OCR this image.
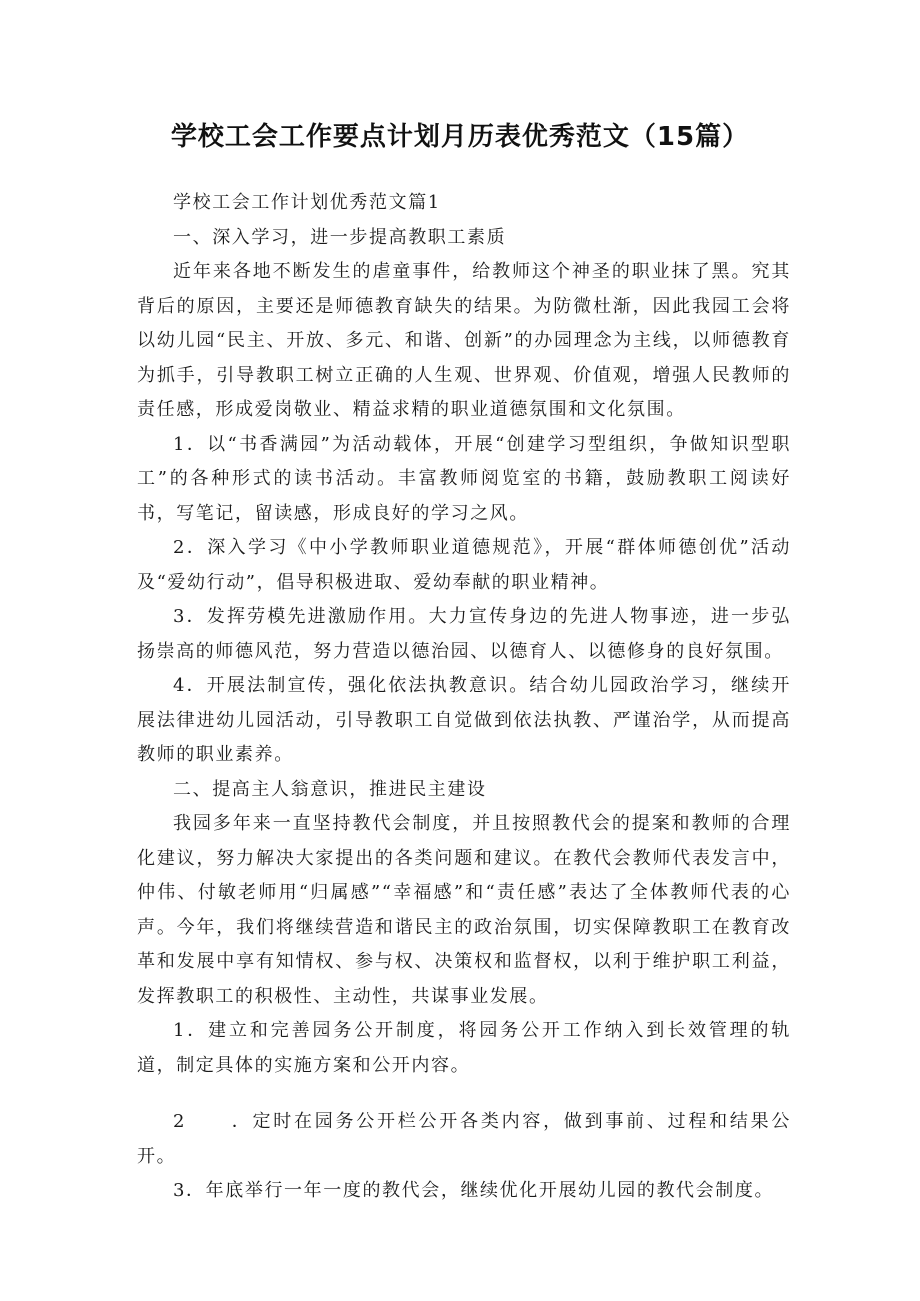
学校工会工作要点计划月历表优秀范文（15篇）

学校工会工作计划优秀范文篇1

一、深入学习，进一步提高教职工素质

近年来各地不断发生的虐童事件，给教师这个神圣的职业抹了黑。究其背后的原因，主要还是师德教育缺失的结果。为防微杜渐，因此我园工会将以幼儿园“民主、开放、多元、和谐、创新”的办园理念为主线，以师德教育为抓手，引导教职工树立正确的人生观、世界观、价值观，增强人民教师的责任感，形成爱岗敬业、精益求精的职业道德氛围和文化氛围。

1．以“书香满园”为活动载体，开展“创建学习型组织，争做知识型职工”的各种形式的读书活动。丰富教师阅览室的书籍，鼓励教职工阅读好书，写笔记，留读感，形成良好的学习之风。

2．深入学习《中小学教师职业道德规范》，开展“群体师德创优”活动及“爱幼行动”，倡导积极进取、爱幼奉献的职业精神。

3．发挥劳模先进激励作用。大力宣传身边的先进人物事迹，进一步弘扬崇高的师德风范，努力营造以德治园、以德育人、以德修身的良好氛围。

4．开展法制宣传，强化依法执教意识。结合幼儿园政治学习，继续开展法律进幼儿园活动，引导教职工自觉做到依法执教、严谨治学，从而提高教师的职业素养。

二、提高主人翁意识，推进民主建设

我园多年来一直坚持教代会制度，并且按照教代会的提案和教师的合理化建议，努力解决大家提出的各类问题和建议。在教代会教师代表发言中，仲伟、付敏老师用“归属感”“幸福感”和“责任感”表达了全体教师代表的心声。今年，我们将继续营造和谐民主的政治氛围，切实保障教职工在教育改革和发展中享有知情权、参与权、决策权和监督权，以利于维护职工利益，发挥教职工的积极性、主动性，共谋事业发展。

1．建立和完善园务公开制度，将园务公开工作纳入到长效管理的轨道，制定具体的实施方案和公开内容。

2 ．定时在园务公开栏公开各类内容，做到事前、过程和结果公开。

3．年底举行一年一度的教代会，继续优化开展幼儿园的教代会制度。
